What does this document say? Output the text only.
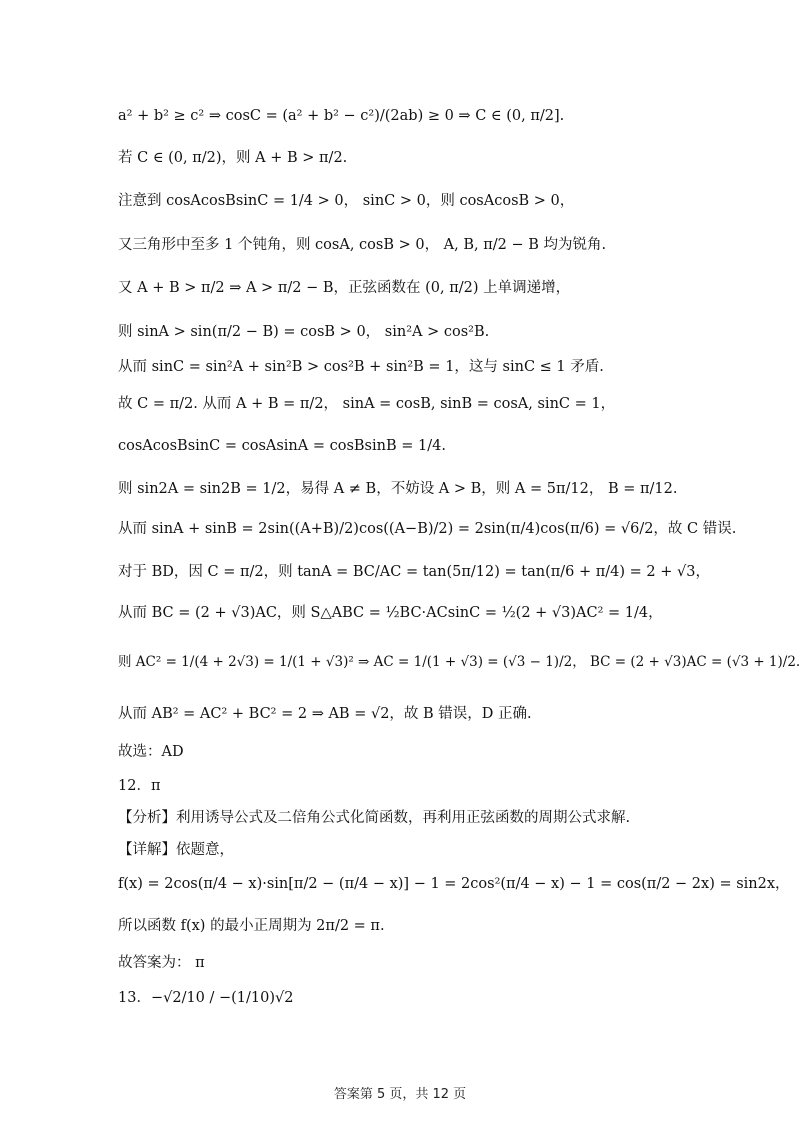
a² + b² ≥ c² ⇒ cosC = (a² + b² − c²)/(2ab) ≥ 0 ⇒ C ∈ (0, π/2].
若 C ∈ (0, π/2)，则 A + B > π/2.
注意到 cosAcosBsinC = 1/4 > 0， sinC > 0，则 cosAcosB > 0，
又三角形中至多 1 个钝角，则 cosA, cosB > 0， A, B, π/2 − B 均为锐角.
又 A + B > π/2 ⇒ A > π/2 − B，正弦函数在 (0, π/2) 上单调递增，
则 sinA > sin(π/2 − B) = cosB > 0， sin²A > cos²B.
从而 sinC = sin²A + sin²B > cos²B + sin²B = 1，这与 sinC ≤ 1 矛盾.
故 C = π/2. 从而 A + B = π/2， sinA = cosB, sinB = cosA, sinC = 1，
cosAcosBsinC = cosAsinA = cosBsinB = 1/4.
则 sin2A = sin2B = 1/2，易得 A ≠ B，不妨设 A > B，则 A = 5π/12， B = π/12.
从而 sinA + sinB = 2sin((A+B)/2)cos((A−B)/2) = 2sin(π/4)cos(π/6) = √6/2，故 C 错误.
对于 BD，因 C = π/2，则 tanA = BC/AC = tan(5π/12) = tan(π/6 + π/4) = 2 + √3，
从而 BC = (2 + √3)AC，则 S△ABC = ½BC·ACsinC = ½(2 + √3)AC² = 1/4，
则 AC² = 1/(4 + 2√3) = 1/(1 + √3)² ⇒ AC = 1/(1 + √3) = (√3 − 1)/2， BC = (2 + √3)AC = (√3 + 1)/2.
从而 AB² = AC² + BC² = 2 ⇒ AB = √2，故 B 错误，D 正确.
故选：AD
12．π
【分析】利用诱导公式及二倍角公式化简函数，再利用正弦函数的周期公式求解.
【详解】依题意，
f(x) = 2cos(π/4 − x)·sin[π/2 − (π/4 − x)] − 1 = 2cos²(π/4 − x) − 1 = cos(π/2 − 2x) = sin2x，
所以函数 f(x) 的最小正周期为 2π/2 = π.
故答案为： π
13．−√2/10 / −(1/10)√2
答案第 5 页，共 12 页
